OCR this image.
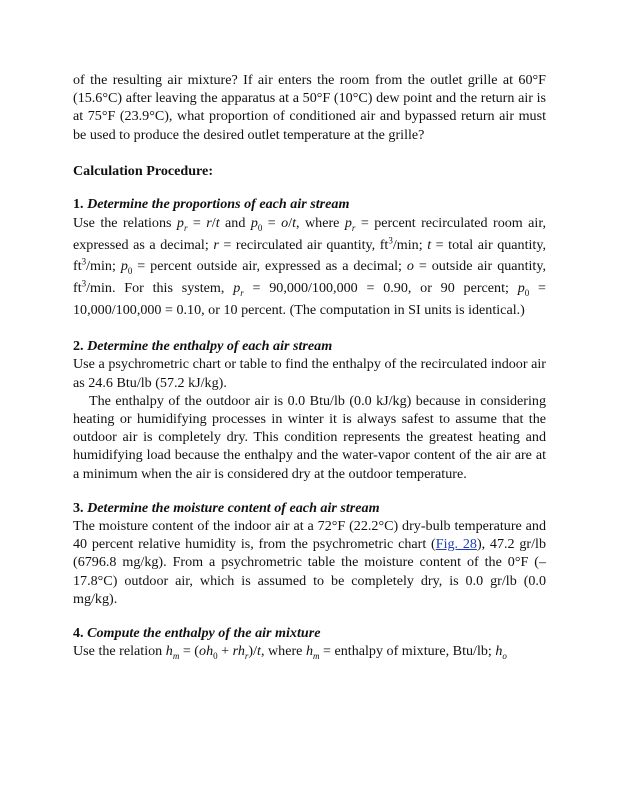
of the resulting air mixture? If air enters the room from the outlet grille at 60°F (15.6°C) after leaving the apparatus at a 50°F (10°C) dew point and the return air is at 75°F (23.9°C), what proportion of conditioned air and bypassed return air must be used to produce the desired outlet temperature at the grille?

Calculation Procedure:

1. Determine the proportions of each air stream

Use the relations $p_r = r/t$ and $p_0 = o/t$, where $p_r$ = percent recirculated room air, expressed as a decimal; r = recirculated air quantity, $ft^3/\min$; t = total air quantity, $ft^3/\min$; $p_0$ = percent outside air, expressed as a decimal; o = outside air quantity, $ft^3/\min$. For this system, $p_r = 90,000/100,000 = 0.90$, or 90 percent; $p_0 = 10,000/100,000 = 0.10$, or 10 percent. (The computation in SI units is identical.)

2. Determine the enthalpy of each air stream

Use a psychrometric chart or table to find the enthalpy of the recirculated indoor air as 24.6 Btu/lb (57.2 kJ/kg).

The enthalpy of the outdoor air is 0.0 Btu/lb (0.0 kJ/kg) because in considering heating or humidifying processes in winter it is always safest to assume that the outdoor air is completely dry. This condition represents the greatest heating and humidifying load because the enthalpy and the water-vapor content of the air are at a minimum when the air is considered dry at the outdoor temperature.

3. Determine the moisture content of each air stream

The moisture content of the indoor air at a 72°F (22.2°C) dry-bulb temperature and 40 percent relative humidity is, from the psychrometric chart (Fig. 28), 47.2 gr/lb (6796.8 mg/kg). From a psychrometric table the moisture content of the 0°F (–17.8°C) outdoor air, which is assumed to be completely dry, is 0.0 gr/lb (0.0 mg/kg).

4. Compute the enthalpy of the air mixture

Use the relation $h_m = (oh_0 + rh_r)/t$, where $h_m$ = enthalpy of mixture, Btu/lb; $h_o$
